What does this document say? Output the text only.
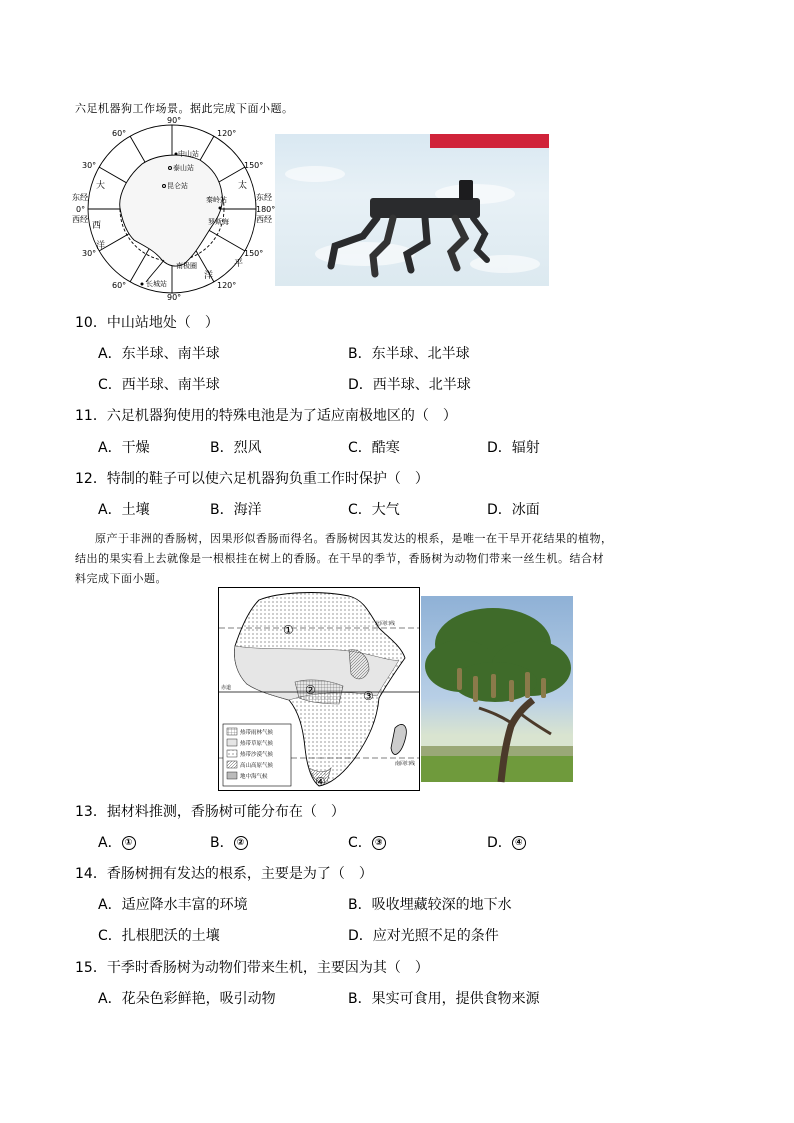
六足机器狗工作场景。据此完成下面小题。
90°
60°	120°
30°	150°
东经
0°
西经
东经
180°
西经
30°	150°
60°
90°
120°
大
西
洋
太
平
洋
中山站
泰山站
昆仑站
秦岭站
罗斯海
长城站
南极圈
10．中山站地处（　）
A．东半球、南半球	B．东半球、北半球
C．西半球、南半球	D．西半球、北半球
11．六足机器狗使用的特殊电池是为了适应南极地区的（　）
A．干燥	B．烈风	C．酷寒	D．辐射
12．特制的鞋子可以使六足机器狗负重工作时保护（　）
A．土壤	B．海洋	C．大气	D．冰面
原产于非洲的香肠树，因果形似香肠而得名。香肠树因其发达的根系，是唯一在干旱开花结果的植物，
结出的果实看上去就像是一根根挂在树上的香肠。在干旱的季节，香肠树为动物们带来一丝生机。结合材
料完成下面小题。
北回归线
赤道
南回归线
①
②	③
④
热带雨林气候
热带草原气候
热带沙漠气候
高山高原气候
地中海气候
13．据材料推测，香肠树可能分布在（　）
A． ①	B． ②	C． ③	D． ④
14．香肠树拥有发达的根系，主要是为了（　）
A．适应降水丰富的环境	B．吸收埋藏较深的地下水
C．扎根肥沃的土壤	D．应对光照不足的条件
15．干季时香肠树为动物们带来生机，主要因为其（　）
A．花朵色彩鲜艳，吸引动物	B．果实可食用，提供食物来源
